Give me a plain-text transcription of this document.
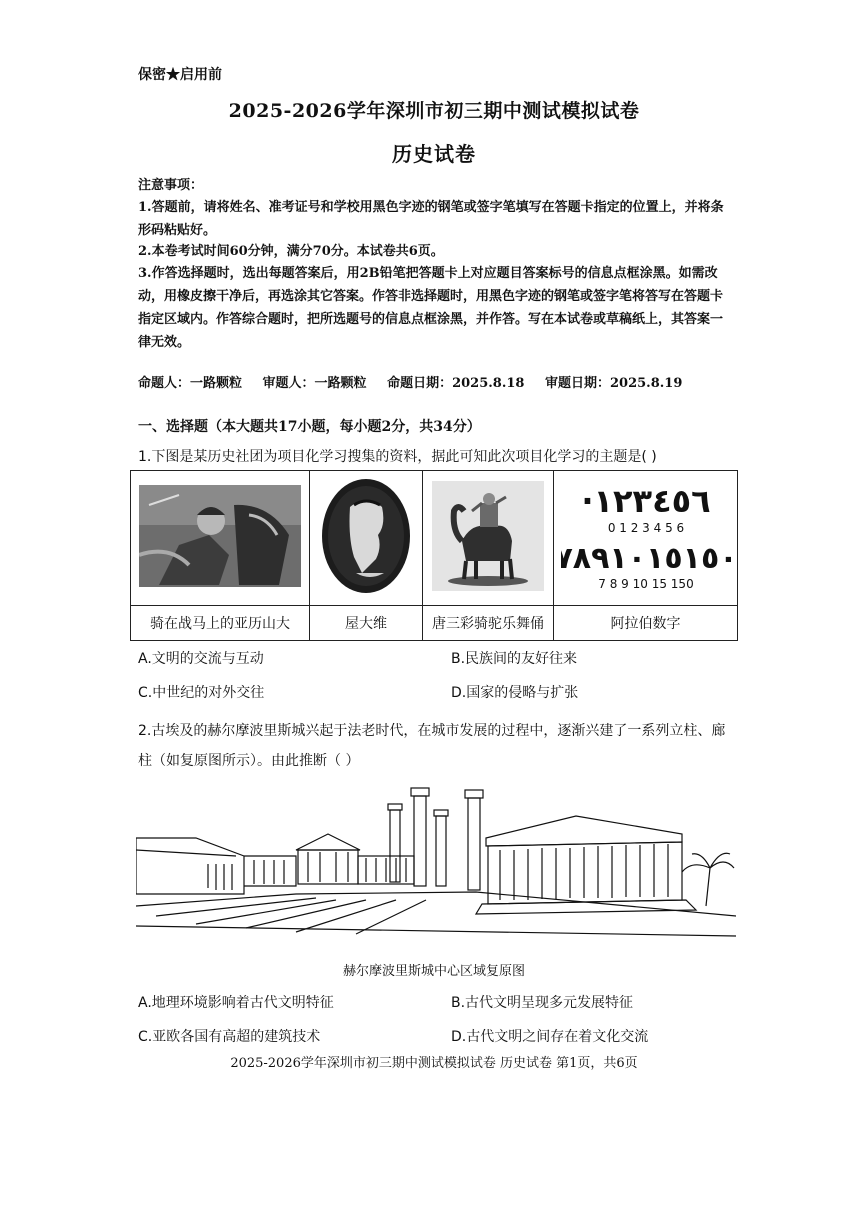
保密★启用前
2025-2026学年深圳市初三期中测试模拟试卷
历史试卷
注意事项：
1.答题前，请将姓名、准考证号和学校用黑色字迹的钢笔或签字笔填写在答题卡指定的位置上，并将条形码粘贴好。
2.本卷考试时间60分钟，满分70分。本试卷共6页。
3.作答选择题时，选出每题答案后，用2B铅笔把答题卡上对应题目答案标号的信息点框涂黑。如需改动，用橡皮擦干净后，再选涂其它答案。作答非选择题时，用黑色字迹的钢笔或签字笔将答写在答题卡指定区域内。作答综合题时，把所选题号的信息点框涂黑，并作答。写在本试卷或草稿纸上，其答案一律无效。
命题人：一路颗粒 审题人：一路颗粒 命题日期：2025.8.18 审题日期：2025.8.19
一、选择题（本大题共17小题，每小题2分，共34分）
1.下图是某历史社团为项目化学习搜集的资料，据此可知此次项目化学习的主题是( )

·١٢٣٤٥٦
0 1 2 3 4 5 6
٧٨٩١٠١٥١٥٠
7 8 9 10 15 150

骑在战马上的亚历山大	屋大维	唐三彩骑驼乐舞俑	阿拉伯数字
A.文明的交流与互动	B.民族间的友好往来
C.中世纪的对外交往	D.国家的侵略与扩张
2.古埃及的赫尔摩波里斯城兴起于法老时代，在城市发展的过程中，逐渐兴建了一系列立柱、廊柱（如复原图所示）。由此推断（ ）
赫尔摩波里斯城中心区域复原图
A.地理环境影响着古代文明特征	B.古代文明呈现多元发展特征
C.亚欧各国有高超的建筑技术	D.古代文明之间存在着文化交流
2025-2026学年深圳市初三期中测试模拟试卷 历史试卷 第1页，共6页
